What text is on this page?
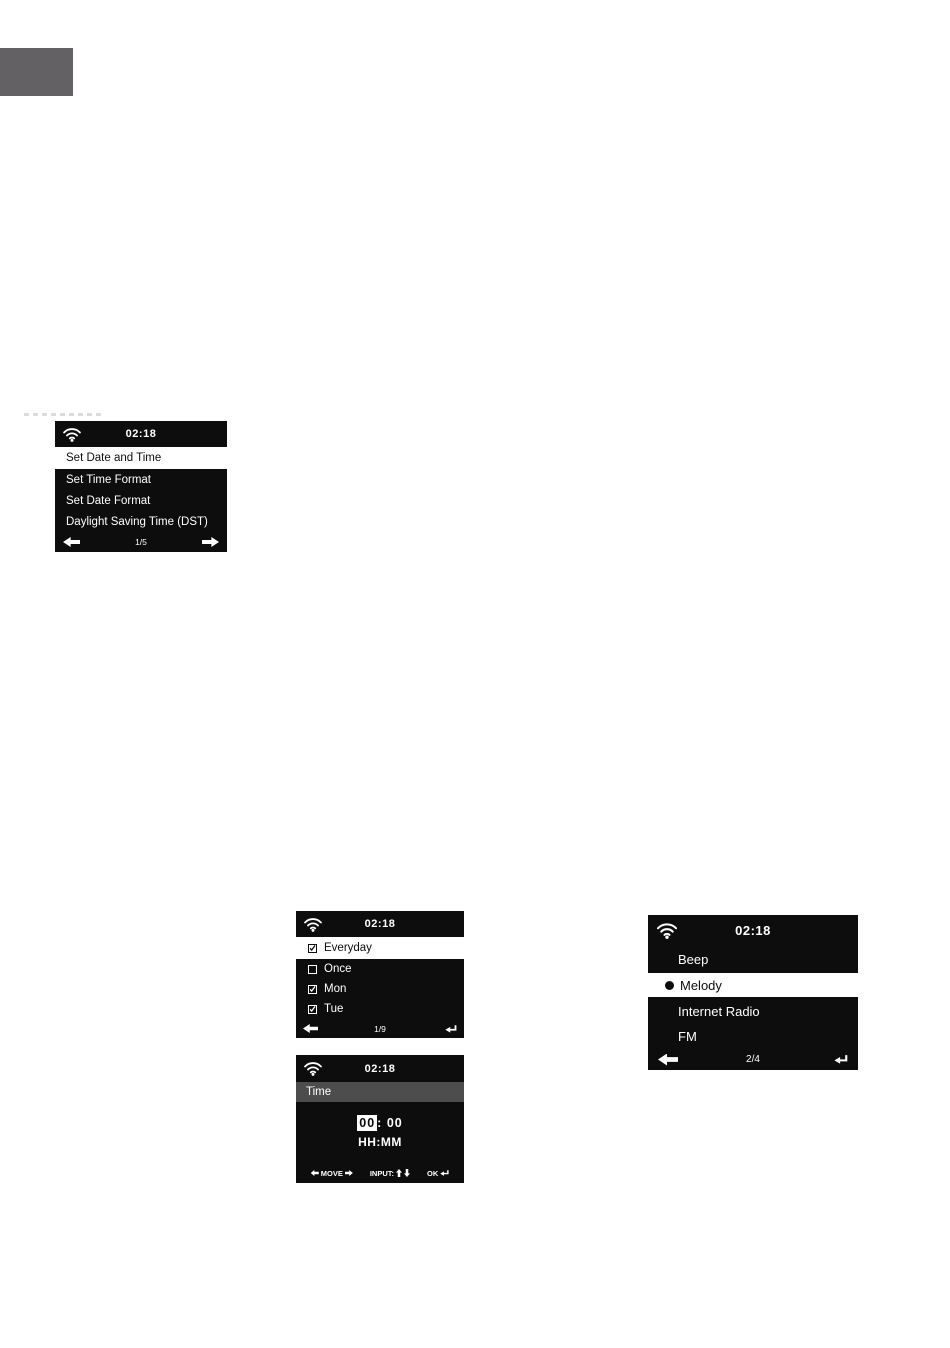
02:18
Set Date and Time
Set Time Format
Set Date Format
Daylight Saving Time (DST)
1/5
02:18
Everyday
Once
Mon
Tue
1/9
02:18
Time
00 : 00
HH:MM
MOVE	INPUT:	OK
02:18
Beep
Melody
Internet Radio
FM
2/4
